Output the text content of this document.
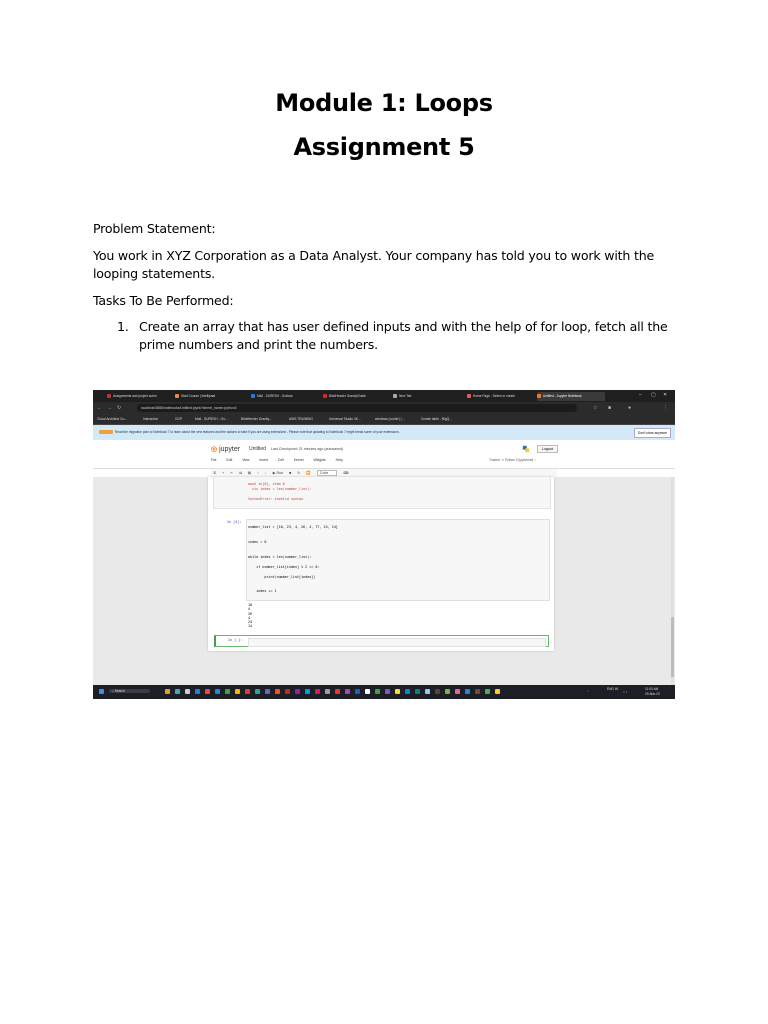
Module 1: Loops
Assignment 5
Problem Statement:
You work in XYZ Corporation as a Data Analyst. Your company has told you to work with the looping statements.
Tasks To Be Performed:
1. Create an array that has user defined inputs and with the help of for loop, fetch all the prime numbers and print the numbers.
Assignments and project subm	Start Course | Intellipaat	Mail - SURESH - Outlook	BlobHeader Grant/pGuide	New Tab	Home Page - Select or create	Untitled - Jupyter Notebook	– ▢ ✕
← → ↻	localhost:8888/notebooks/Untitled.ipynb?kernel_name=python3	☆ ■	●	⋮
Cloud Architect Co...	Interactive	GCP	Mail - SURESH - Ou...	Bitdefender Gravity...	AWS TRAINING	Universal Studio 4K...	windows (cooler) | ...	Create table - BigQ...
Read the migration plan to Notebook 7 to learn about the new features and the actions to take if you are using extensions - Please note that updating to Notebook 7 might break some of your extensions.	Don't show anymore
◎ jupyter Untitled Last Checkpoint: 21 minutes ago (autosaved)	Logout
File	Edit	View	Insert	Cell	Kernel	Widgets	Help	Trusted  ✎ Python 3 (ipykernel) ○
🖫 + ✂ ⧉ ▤ ↑ ↓ ▶ Run ■ ↻ ⏩	Code	⌨
each in[0], item 6
cis index = len(number_list):
SyntaxError: invalid syntax
In [4]:
number_list = [10, 23, 4, 26, 4, 77, 24, 14]
index = 0
while index < len(number_list):
if number_list[index] % 2 == 0:
print(number_list[index])
index += 1
10
4
26
4
24
14
In [ ]:
⌕ Search	⌃
ENG IN
⌂ ♪
11:00 AM
29-Mar-23
